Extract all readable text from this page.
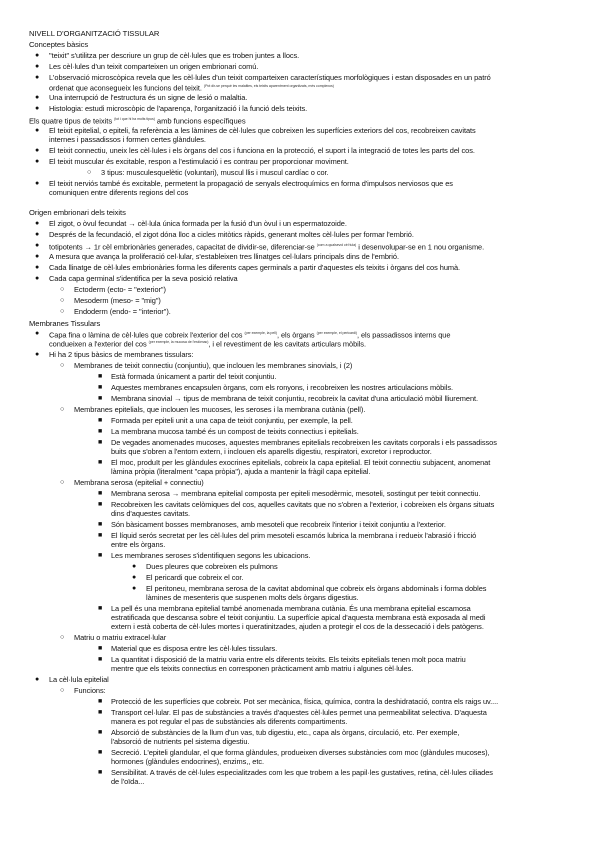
NIVELL D'ORGANITZACIÓ TISSULAR
Conceptes bàsics
● "teixit" s'utilitza per descriure un grup de cèl·lules que es troben juntes a llocs.
● Les cèl·lules d'un teixit comparteixen un origen embrionari comú.
● L'observació microscòpica revela que les cèl·lules d'un teixit comparteixen característiques morfològiques i estan disposades en un patró
ordenat que aconsegueix les funcions del teixit. $^{(Pot dir-se perquè les malalties, els teixits aparentment organitzats, més complexos)}$
● Una interrupció de l'estructura és un signe de lesió o malaltia.
● Histologia: estudi microscòpic de l'aparença, l'organització i la funció dels teixits.
Els quatre tipus de teixits $^{(tot i que hi ha molts tipus)}$ amb funcions específiques
● El teixit epitelial, o epiteli, fa referència a les làmines de cèl·lules que cobreixen les superfícies exteriors del cos, recobreixen cavitats
internes i passadissos i formen certes glàndules.
● El teixit connectiu, uneix les cèl·lules i els òrgans del cos i funciona en la protecció, el suport i la integració de totes les parts del cos.
● El teixit muscular és excitable, respon a l'estimulació i es contrau per proporcionar moviment.
○ 3 tipus: musculesquelètic (voluntari), muscul llis i muscul cardíac o cor.
● El teixit nerviós també és excitable, permetent la propagació de senyals electroquímics en forma d'impulsos nerviosos que es
comuniquen entre diferents regions del cos
Origen embrionari dels teixits
● El zigot, o òvul fecundat → cèl·lula única formada per la fusió d'un òvul i un espermatozoide.
● Després de la fecundació, el zigot dóna lloc a cicles mitòtics ràpids, generant moltes cèl·lules per formar l'embrió.
● totipotents → 1r cèl embrionàries generades, capacitat de dividir-se, diferenciar-se $^{(com a qualsevol cèl\cdot lula)}$ i desenvolupar-se en 1 nou organisme.
● A mesura que avança la proliferació cel·lular, s'estableixen tres llinatges cel·lulars principals dins de l'embrió.
● Cada llinatge de cèl·lules embrionàries forma les diferents capes germinals a partir d'aquestes els teixits i òrgans del cos humà.
● Cada capa germinal s'identifica per la seva posició relativa
○ Ectoderm (ecto- = "exterior")
○ Mesoderm (meso- = "mig")
○ Endoderm (endo- = "interior").
Membranes Tissulars
● Capa fina o làmina de cèl·lules que cobreix l'exterior del cos $^{(per exemple, la pell)}$, els òrgans $^{(per exemple, el pericardi)}$, els passadissos interns que
condueixen a l'exterior del cos $^{(per exemple, la mucosa de l'estómac)}$, i el revestiment de les cavitats articulars mòbils.
● Hi ha 2 tipus bàsics de membranes tissulars:
○ Membranes de teixit connectiu (conjuntiu), que inclouen les membranes sinovials, i (2)
■ Està formada únicament a partir del teixit conjuntiu.
■ Aquestes membranes encapsulen òrgans, com els ronyons, i recobreixen les nostres articulacions mòbils.
■ Membrana sinovial → tipus de membrana de teixit conjuntiu, recobreix la cavitat d'una articulació mòbil lliurement.
○ Membranes epitelials, que inclouen les mucoses, les seroses i la membrana cutània (pell).
■ Formada per epiteli unit a una capa de teixit conjuntiu, per exemple, la pell.
■ La membrana mucosa també és un compost de teixits connectius i epitelials.
■ De vegades anomenades mucoses, aquestes membranes epitelials recobreixen les cavitats corporals i els passadissos
buits que s'obren a l'entorn extern, i inclouen els aparells digestiu, respiratori, excretor i reproductor.
■ El moc, produït per les glàndules exocrines epitelials, cobreix la capa epitelial. El teixit connectiu subjacent, anomenat
làmina pròpia (literalment "capa pròpia"), ajuda a mantenir la fràgil capa epitelial.
○ Membrana serosa (epitelial + connectiu)
■ Membrana serosa → membrana epitelial composta per epiteli mesodèrmic, mesoteli, sostingut per teixit connectiu.
■ Recobreixen les cavitats celòmiques del cos, aquelles cavitats que no s'obren a l'exterior, i cobreixen els òrgans situats
dins d'aquestes cavitats.
■ Són bàsicament bosses membranoses, amb mesoteli que recobreix l'interior i teixit conjuntiu a l'exterior.
■ El líquid serós secretat per les cèl·lules del prim mesoteli escamós lubrica la membrana i redueix l'abrasió i fricció
entre els òrgans.
■ Les membranes seroses s'identifiquen segons les ubicacions.
● Dues pleures que cobreixen els pulmons
● El pericardi que cobreix el cor.
● El peritoneu, membrana serosa de la cavitat abdominal que cobreix els òrgans abdominals i forma dobles
làmines de mesenteris que suspenen molts dels òrgans digestius.
■ La pell és una membrana epitelial també anomenada membrana cutània. És una membrana epitelial escamosa
estratificada que descansa sobre el teixit conjuntiu. La superfície apical d'aquesta membrana està exposada al medi
extern i està coberta de cèl·lules mortes i queratinitzades, ajuden a protegir el cos de la dessecació i dels patògens.
○ Matriu o matriu extracel·lular
■ Material que es disposa entre les cèl·lules tissulars.
■ La quantitat i disposició de la matriu varia entre els diferents teixits. Els teixits epitelials tenen molt poca matriu
mentre que els teixits connectius en corresponen pràcticament amb matriu i algunes cèl·lules.
● La cèl·lula epitelial
○ Funcions:
■ Protecció de les superfícies que cobreix. Pot ser mecànica, física, química, contra la deshidratació, contra els raigs uv....
■ Transport cel·lular. El pas de substàncies a través d'aquestes cèl·lules permet una permeabilitat selectiva. D'aquesta
manera es pot regular el pas de substàncies als diferents compartiments.
■ Absorció de substàncies de la llum d'un vas, tub digestiu, etc., capa als òrgans, circulació, etc. Per exemple,
l'absorció de nutrients pel sistema digestiu.
■ Secreció. L'epiteli glandular, el que forma glàndules, produeixen diverses substàncies com moc (glàndules mucoses),
hormones (glàndules endocrines), enzims,, etc.
■ Sensibilitat. A través de cèl·lules especialitzades com les que trobem a les papil·les gustatives, retina, cèl·lules ciliades
de l'oïda...
